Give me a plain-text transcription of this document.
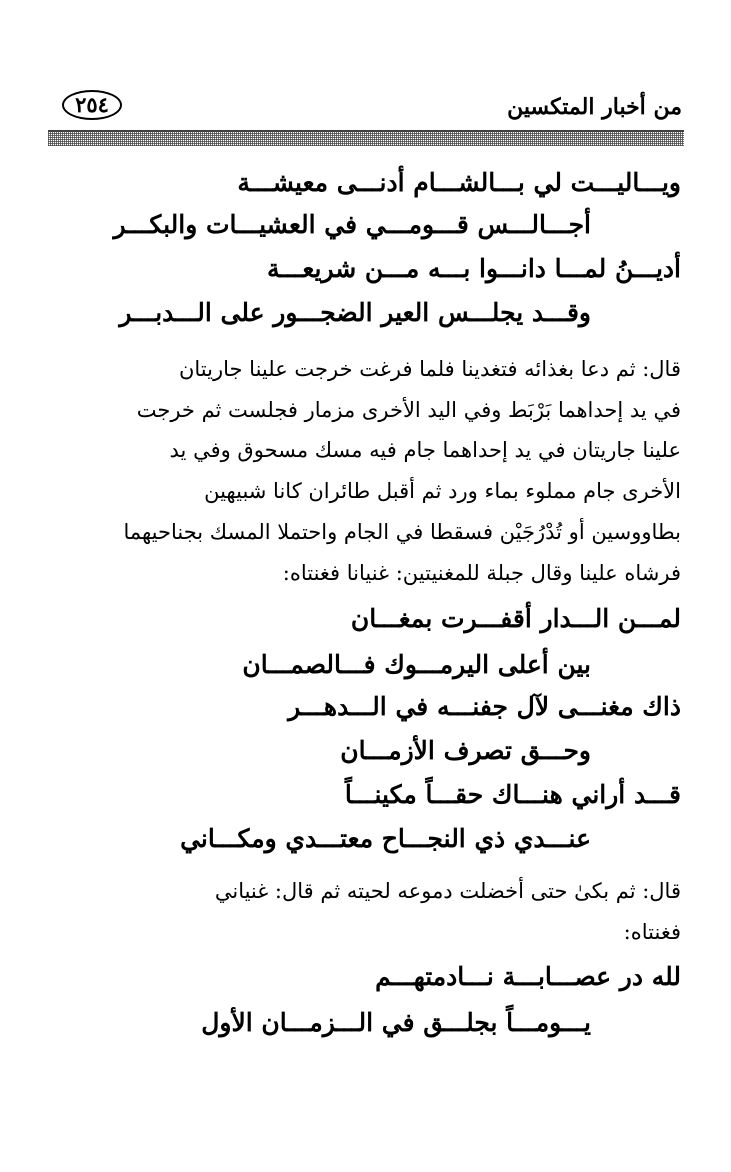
من أخبار المتكسين
٢٥٤
ويـــاليـــت لي بـــالشـــام أدنـــى معيشـــة
أجـــالـــس قـــومـــي في العشيـــات والبكـــر
أديـــنُ لمـــا دانـــوا بـــه مـــن شريعـــة
وقـــد يجلـــس العير الضجـــور على الـــدبـــر
قال: ثم دعا بغذائه فتغدينا فلما فرغت خرجت علينا جاريتان
في يد إحداهما بَرْبَط وفي اليد الأخرى مزمار فجلست ثم خرجت
علينا جاريتان في يد إحداهما جام فيه مسك مسحوق وفي يد
الأخرى جام مملوء بماء ورد ثم أقبل طائران كانا شبيهين
بطاووسين أو تُدْرُجَيْن فسقطا في الجام واحتملا المسك بجناحيهما
فرشاه علينا وقال جبلة للمغنيتين: غنيانا فغنتاه:
لمـــن الـــدار أقفـــرت بمغـــان
بين أعلى اليرمـــوك فـــالصمـــان
ذاك مغنـــى لآل جفنـــه في الـــدهـــر
وحـــق تصرف الأزمـــان
قـــد أراني هنـــاك حقـــاً مكينـــاً
عنـــدي ذي النجـــاح معتـــدي ومكـــاني
قال: ثم بكىٰ حتى أخضلت دموعه لحيته ثم قال: غنياني
فغنتاه:
لله در عصـــابـــة نـــادمتهـــم
يـــومـــاً بجلـــق في الـــزمـــان الأول
